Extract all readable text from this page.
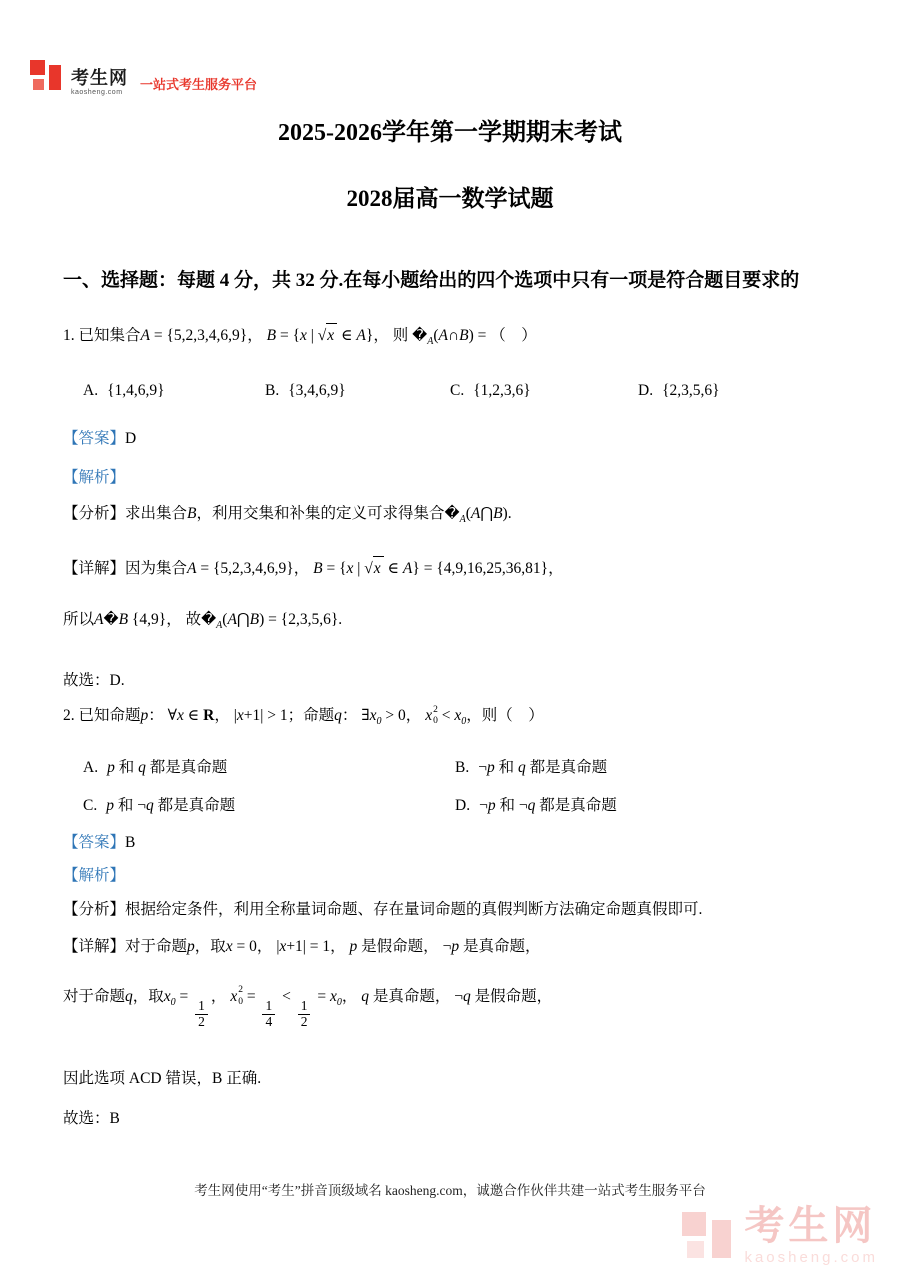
考生网
kaosheng.com
一站式考生服务平台
2025-2026学年第一学期期末考试
2028届高一数学试题
一、选择题：每题 4 分，共 32 分.在每小题给出的四个选项中只有一项是符合题目要求的
1. 已知集合A = {5,2,3,4,6,9}， B = {x | √ x ∈ A}， 则 $�_A(A\cap B)$ = （　）
A. {1,4,6,9}	B. {3,4,6,9}	C. {1,2,3,6}	D. {2,3,5,6}
【答案】D
【解析】
【分析】求出集合B，利用交集和补集的定义可求得集合$�_A(A⋂B)$.
【详解】因为集合A = {5,2,3,4,6,9}， B = {x | √ x ∈ A} = {4,9,16,25,36,81}，
所以A�B {4,9}， 故$�_A(A⋂B) = \{2,3,5,6\}$.
故选：D.
2. 已知命题p： ∀x ∈ R， |x+1| > 1；命题q： $\exists x_0 > 0$， x 2
$0 < x_0$，则（　）
A. p 和 q 都是真命题	B. ¬p 和 q 都是真命题
C. p 和 ¬q 都是真命题	D. ¬p 和 ¬q 都是真命题
【答案】B
【解析】
【分析】根据给定条件，利用全称量词命题、存在量词命题的真假判断方法确定命题真假即可.
【详解】对于命题p，取x = 0， |x+1| = 1， p 是假命题， ¬p 是真命题，
对于命题q，取$x_0$ =
$\frac{1}{2}$
， x 2
0 =
$\frac{1}{4}$
<
$\frac{1}{2}$
= $x_0$， q 是真命题， ¬q 是假命题，
因此选项 ACD 错误，B 正确.
故选：B
考生网使用“考生”拼音顶级域名 kaosheng.com，诚邀合作伙伴共建一站式考生服务平台
考生网
kaosheng.com
